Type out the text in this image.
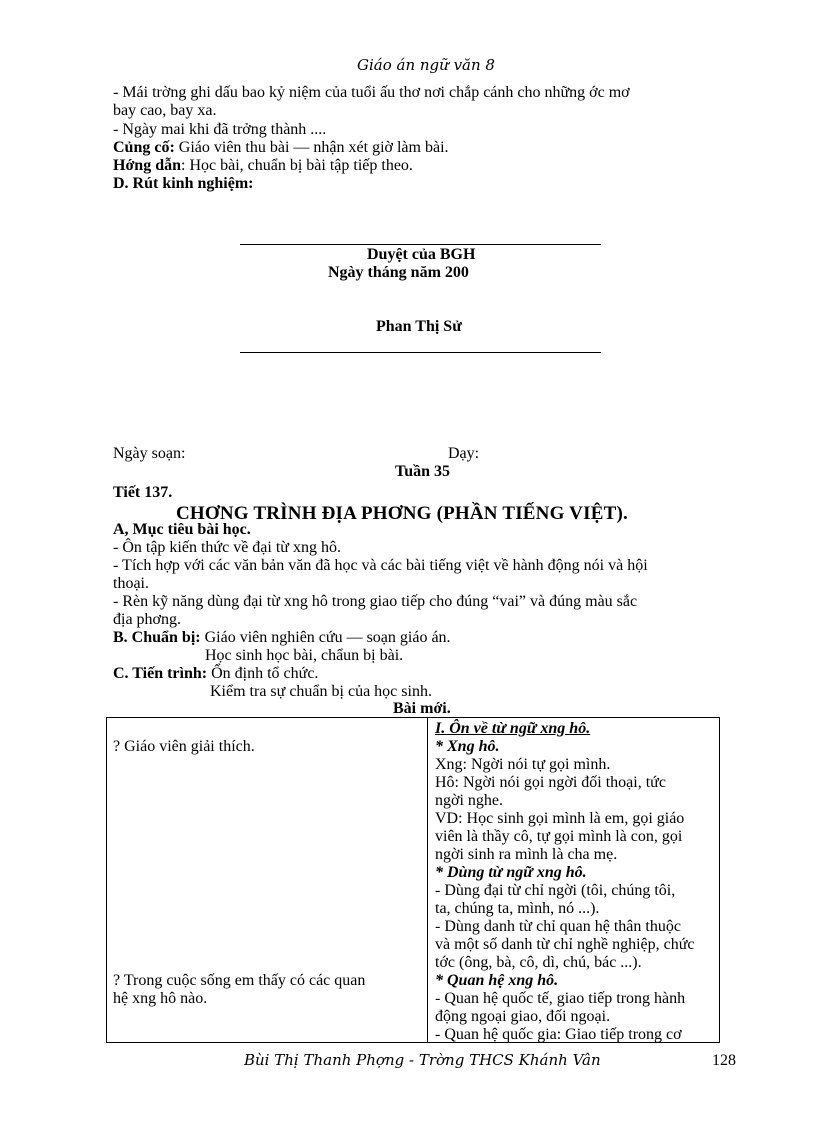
Giáo án ngữ văn 8
- Mái trờng ghi dấu bao kỷ niệm của tuổi ấu thơ nơi chắp cánh cho những ớc mơ
bay cao, bay xa.
- Ngày mai khi đã trởng thành ....
Củng cố: Giáo viên thu bài — nhận xét giờ làm bài.
Hớng dẫn: Học bài, chuẩn bị bài tập tiếp theo.
D. Rút kinh nghiệm:
Duyệt của BGH
Ngày tháng năm 200
Phan Thị Sử
Ngày soạn:	Dạy:
Tuần 35
Tiết 137.
CHƠNG TRÌNH ĐỊA PHƠNG (PHẦN TIẾNG VIỆT).
A, Mục tiêu bài học.
- Ôn tập kiến thức về đại từ xng hô.
- Tích hợp với các văn bản văn đã học và các bài tiếng việt về hành động nói và hội
thoại.
- Rèn kỹ năng dùng đại từ xng hô trong giao tiếp cho đúng “vai” và đúng màu sắc
địa phơng.
B. Chuẩn bị: Giáo viên nghiên cứu — soạn giáo án.
Học sinh học bài, chẩun bị bài.
C. Tiến trình: Ổn định tổ chức.
Kiểm tra sự chuẩn bị của học sinh.
Bài mới.
? Giáo viên giải thích.
? Trong cuộc sống em thấy có các quan
hệ xng hô nào.
I. Ôn về từ ngữ xng hô.
* Xng hô.
Xng: Ngời nói tự gọi mình.
Hô: Ngời nói gọi ngời đối thoại, tức
ngời nghe.
VD: Học sinh gọi mình là em, gọi giáo
viên là thầy cô, tự gọi mình là con, gọi
ngời sinh ra mình là cha mẹ.
* Dùng từ ngữ xng hô.
- Dùng đại từ chỉ ngời (tôi, chúng tôi,
ta, chúng ta, mình, nó ...).
- Dùng danh từ chỉ quan hệ thân thuộc
và một số danh từ chỉ nghề nghiệp, chức
tớc (ông, bà, cô, dì, chú, bác ...).
* Quan hệ xng hô.
- Quan hệ quốc tế, giao tiếp trong hành
động ngoại giao, đối ngoại.
- Quan hệ quốc gia: Giao tiếp trong cơ
Bùi Thị Thanh Phợng - Trờng THCS Khánh Vân	128
